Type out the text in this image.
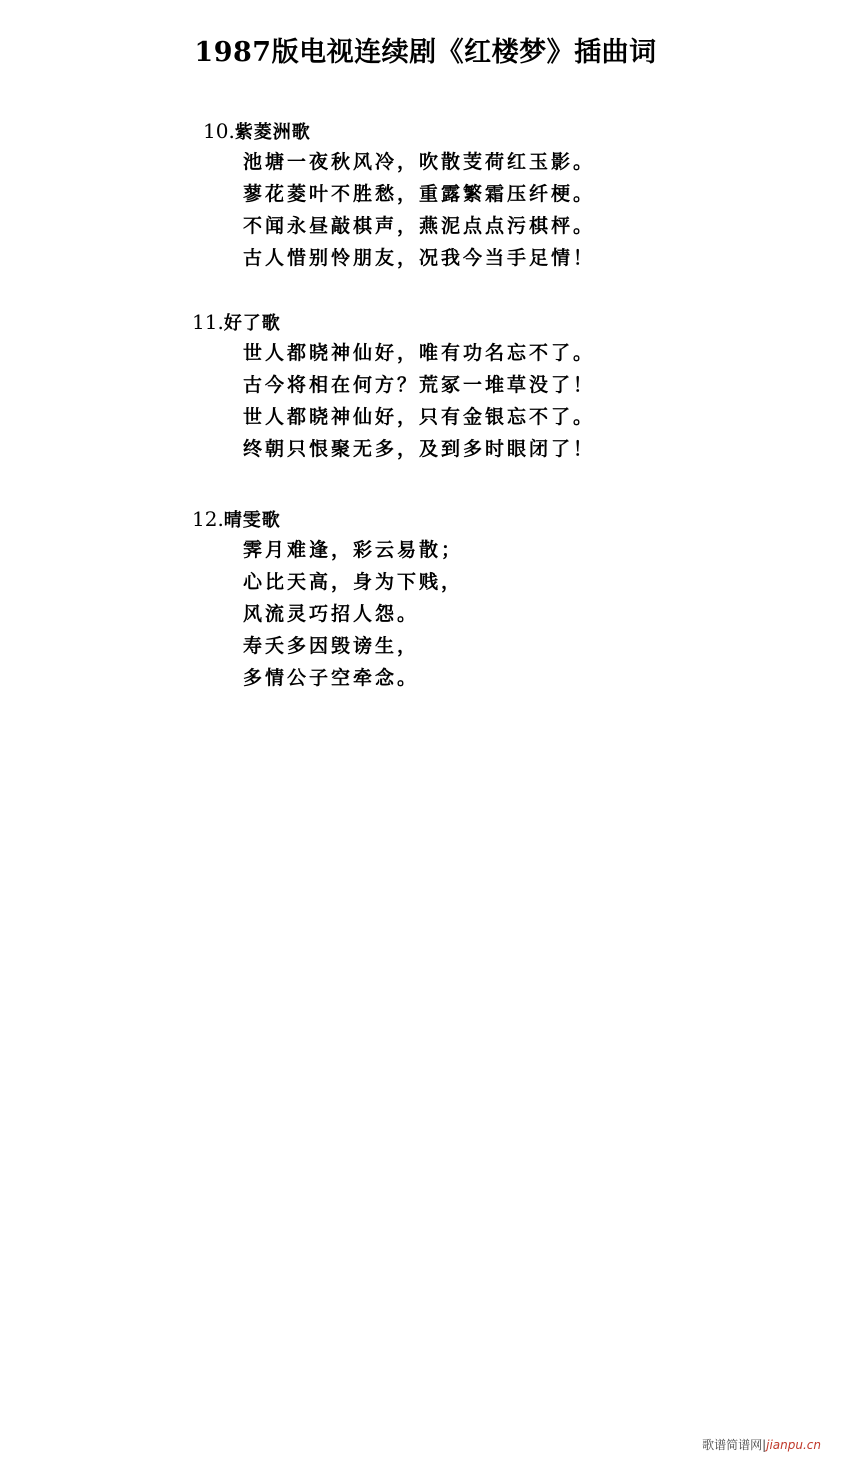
1987版电视连续剧《红楼梦》插曲词
10.紫菱洲歌
池塘一夜秋风冷，吹散芰荷红玉影。
蓼花菱叶不胜愁，重露繁霜压纤梗。
不闻永昼敲棋声，燕泥点点污棋枰。
古人惜别怜朋友，况我今当手足情！
11.好了歌
世人都晓神仙好，唯有功名忘不了。
古今将相在何方？荒冢一堆草没了！
世人都晓神仙好，只有金银忘不了。
终朝只恨聚无多，及到多时眼闭了！
12.晴雯歌
霁月难逢，彩云易散；
心比天高，身为下贱，
风流灵巧招人怨。
寿夭多因毁谤生，
多情公子空牵念。
歌谱简谱网|jianpu.cn
